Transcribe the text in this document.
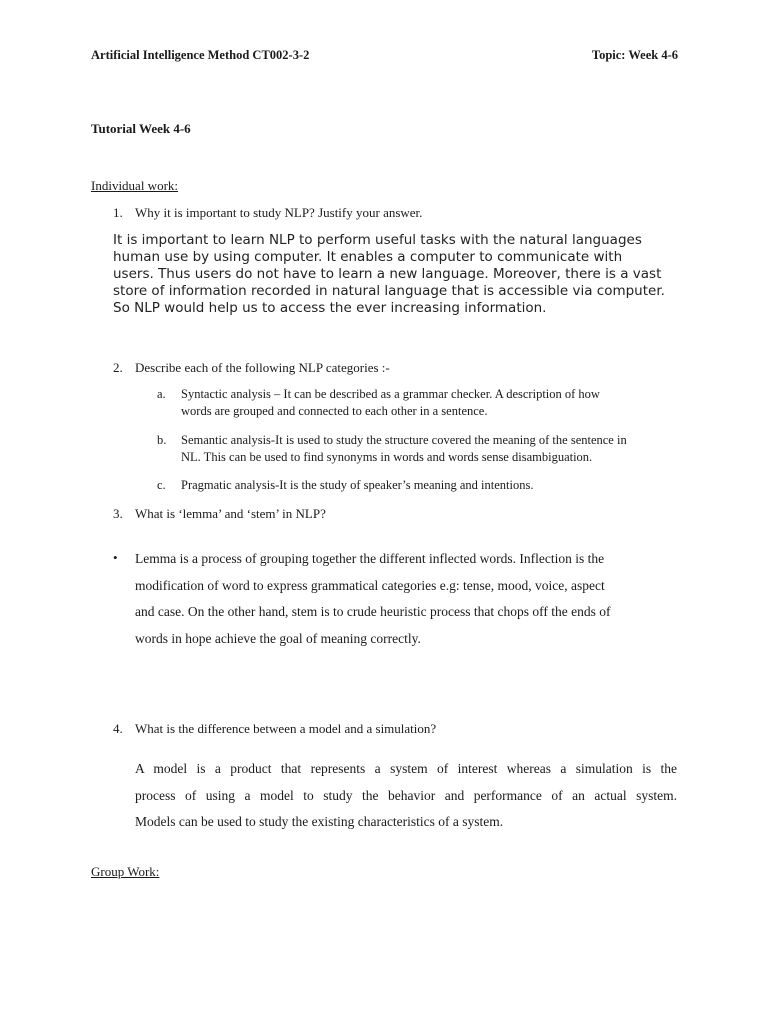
Artificial Intelligence Method CT002-3-2	Topic: Week 4-6
Tutorial Week 4-6
Individual work:
1. Why it is important to study NLP? Justify your answer.
It is important to learn NLP to perform useful tasks with the natural languages
human use by using computer. It enables a computer to communicate with
users. Thus users do not have to learn a new language. Moreover, there is a vast
store of information recorded in natural language that is accessible via computer.
So NLP would help us to access the ever increasing information.
2. Describe each of the following NLP categories :-
a. Syntactic analysis – It can be described as a grammar checker. A description of how
words are grouped and connected to each other in a sentence.
b. Semantic analysis-It is used to study the structure covered the meaning of the sentence in
NL. This can be used to find synonyms in words and words sense disambiguation.
c. Pragmatic analysis-It is the study of speaker’s meaning and intentions.
3. What is ‘lemma’ and ‘stem’ in NLP?
• Lemma is a process of grouping together the different inflected words. Inflection is the
modification of word to express grammatical categories e.g: tense, mood, voice, aspect
and case. On the other hand, stem is to crude heuristic process that chops off the ends of
words in hope achieve the goal of meaning correctly.
4. What is the difference between a model and a simulation?
A model is a product that represents a system of interest whereas a simulation is the
process of using a model to study the behavior and performance of an actual system.
Models can be used to study the existing characteristics of a system.
Group Work:
